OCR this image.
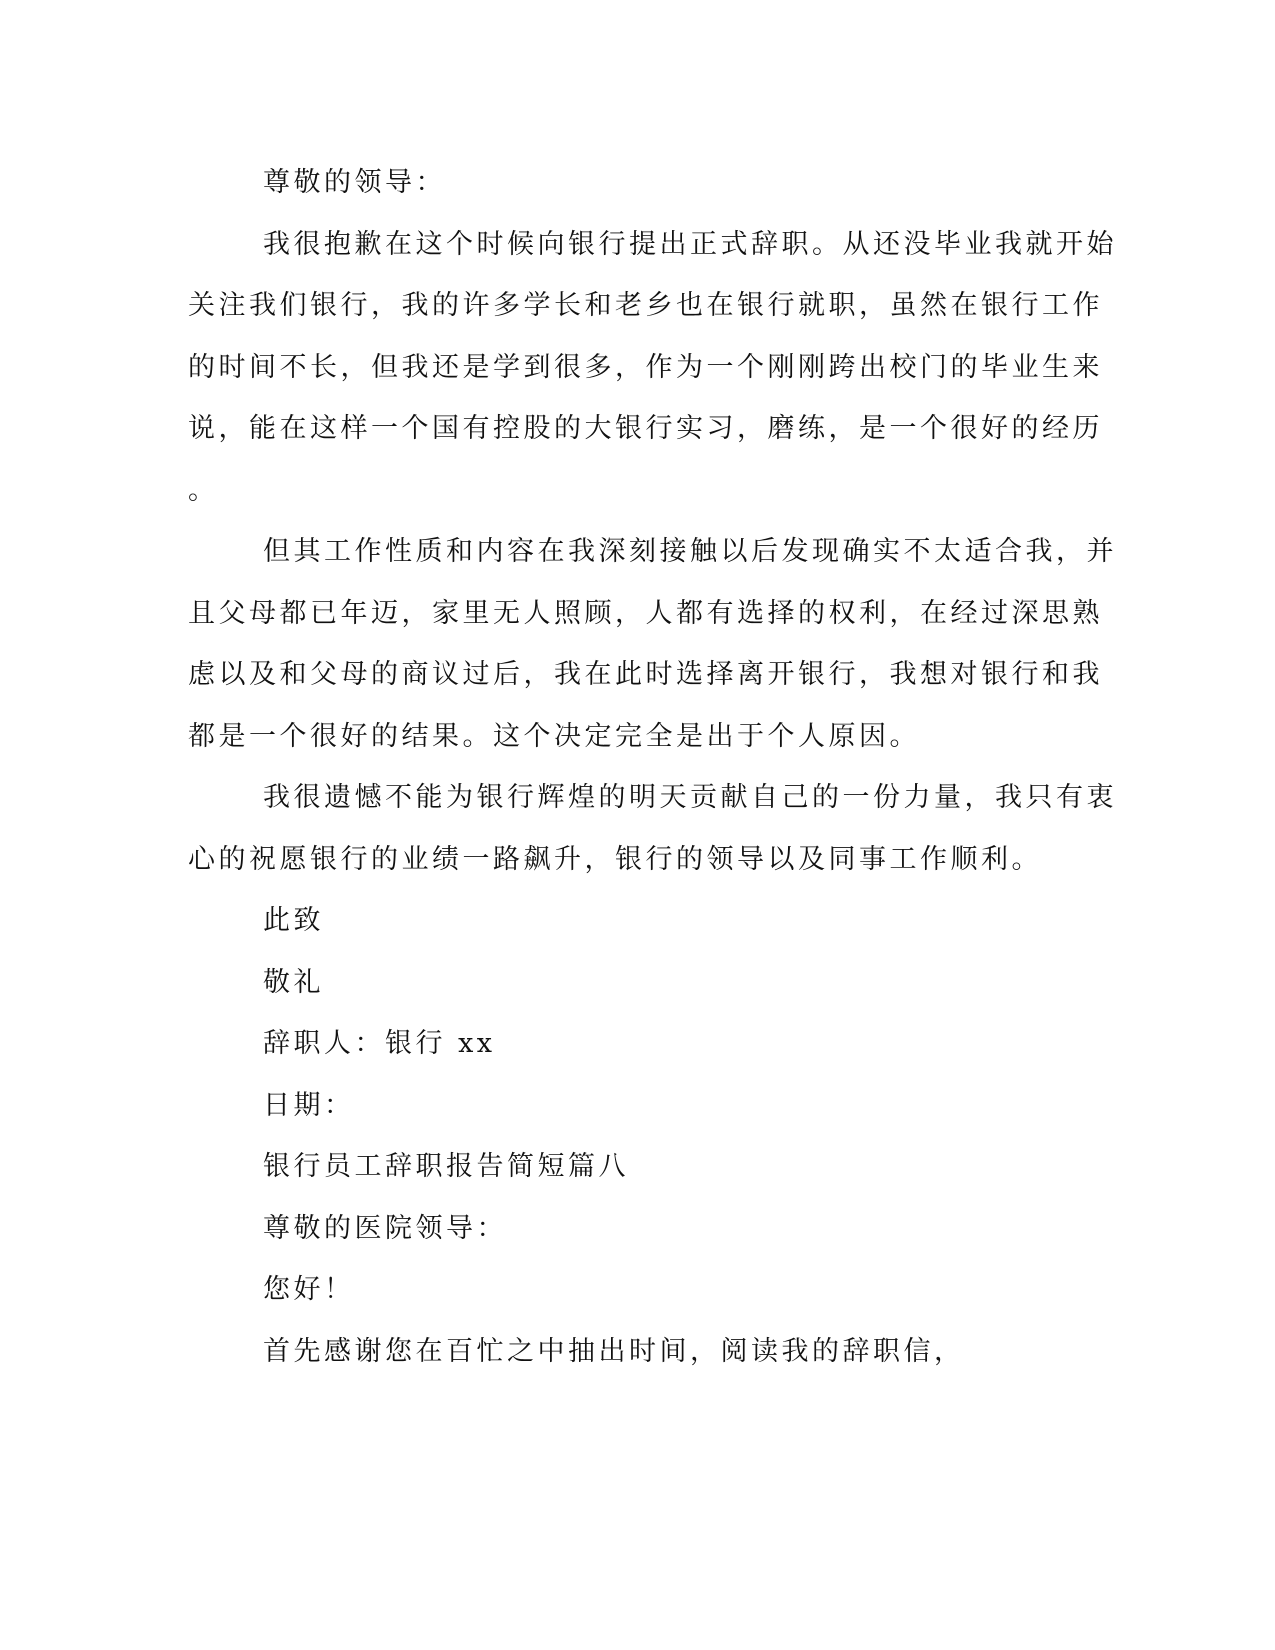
尊敬的领导：
我很抱歉在这个时候向银行提出正式辞职。从还没毕业我就开始
关注我们银行，我的许多学长和老乡也在银行就职，虽然在银行工作
的时间不长，但我还是学到很多，作为一个刚刚跨出校门的毕业生来
说，能在这样一个国有控股的大银行实习，磨练，是一个很好的经历
。
但其工作性质和内容在我深刻接触以后发现确实不太适合我，并
且父母都已年迈，家里无人照顾，人都有选择的权利，在经过深思熟
虑以及和父母的商议过后，我在此时选择离开银行，我想对银行和我
都是一个很好的结果。这个决定完全是出于个人原因。
我很遗憾不能为银行辉煌的明天贡献自己的一份力量，我只有衷
心的祝愿银行的业绩一路飙升，银行的领导以及同事工作顺利。
此致
敬礼
辞职人：银行 xx
日期：
银行员工辞职报告简短篇八
尊敬的医院领导：
您好！
首先感谢您在百忙之中抽出时间，阅读我的辞职信，
